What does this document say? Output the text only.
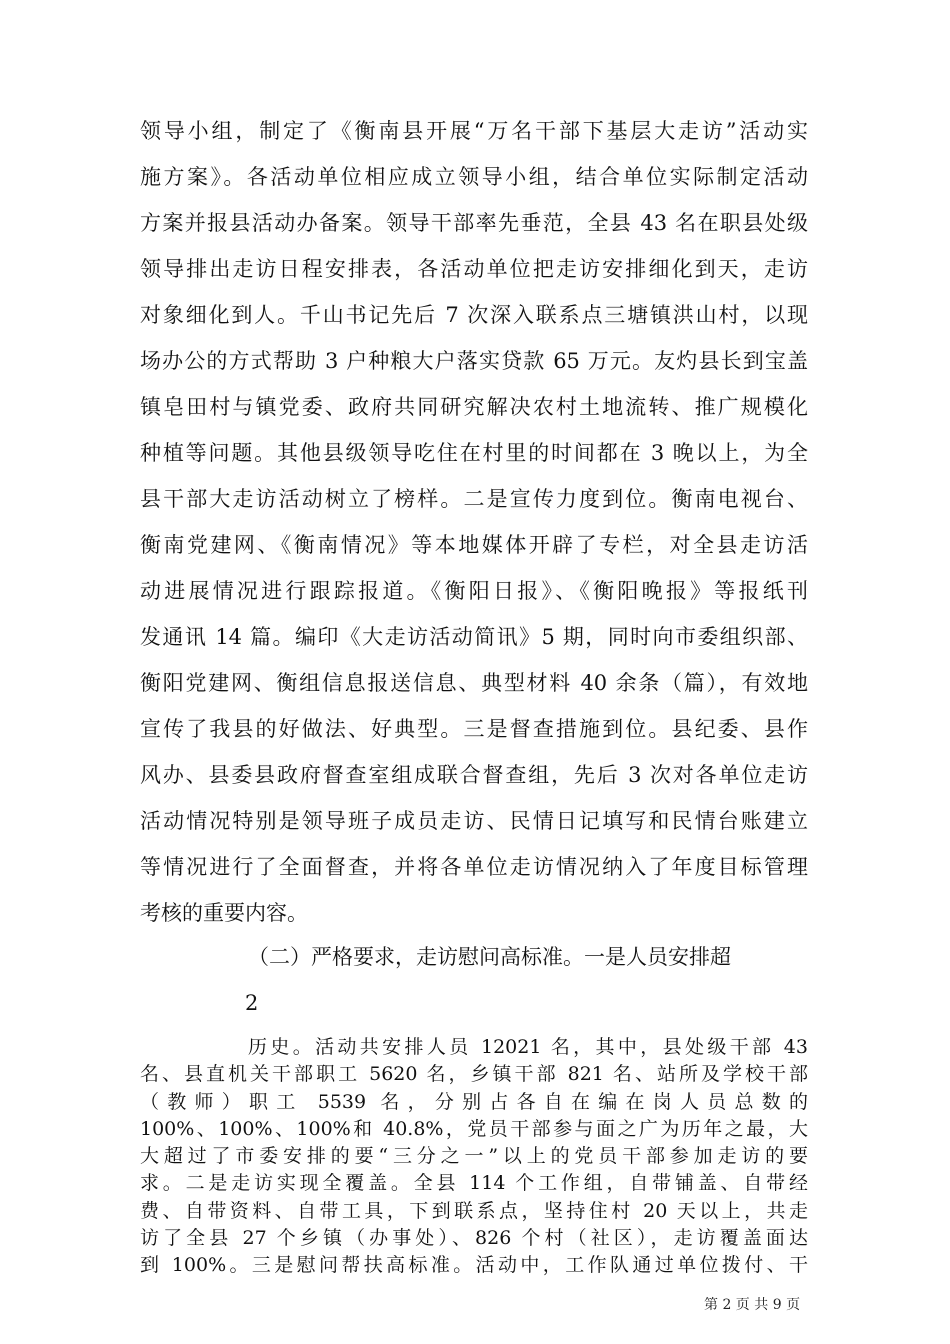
领导小组，制定了《衡南县开展“万名干部下基层大走访”活动实
施方案》。各活动单位相应成立领导小组，结合单位实际制定活动
方案并报县活动办备案。领导干部率先垂范，全县 43 名在职县处级
领导排出走访日程安排表，各活动单位把走访安排细化到天，走访
对象细化到人。千山书记先后 7 次深入联系点三塘镇洪山村，以现
场办公的方式帮助 3 户种粮大户落实贷款 65 万元。友灼县长到宝盖
镇皂田村与镇党委、政府共同研究解决农村土地流转、推广规模化
种植等问题。其他县级领导吃住在村里的时间都在 3 晚以上，为全
县干部大走访活动树立了榜样。二是宣传力度到位。衡南电视台、
衡南党建网、《衡南情况》等本地媒体开辟了专栏，对全县走访活
动进展情况进行跟踪报道。《衡阳日报》、《衡阳晚报》等报纸刊
发通讯 14 篇。编印《大走访活动简讯》5 期，同时向市委组织部、
衡阳党建网、衡组信息报送信息、典型材料 40 余条（篇），有效地
宣传了我县的好做法、好典型。三是督查措施到位。县纪委、县作
风办、县委县政府督查室组成联合督查组，先后 3 次对各单位走访
活动情况特别是领导班子成员走访、民情日记填写和民情台账建立
等情况进行了全面督查，并将各单位走访情况纳入了年度目标管理
考核的重要内容。
（二）严格要求，走访慰问高标准。一是人员安排超
2
历史。活动共安排人员 12021 名，其中，县处级干部 43
名、县直机关干部职工 5620 名，乡镇干部 821 名、站所及学校干部
（教师）职工 5539 名，分别占各自在编在岗人员总数的
100%、100%、100%和 40.8%，党员干部参与面之广为历年之最，大
大超过了市委安排的要“三分之一”以上的党员干部参加走访的要
求。二是走访实现全覆盖。全县 114 个工作组，自带铺盖、自带经
费、自带资料、自带工具，下到联系点，坚持住村 20 天以上，共走
访了全县 27 个乡镇（办事处）、826 个村（社区），走访覆盖面达
到 100%。三是慰问帮扶高标准。活动中，工作队通过单位拨付、干
第 2 页 共 9 页
